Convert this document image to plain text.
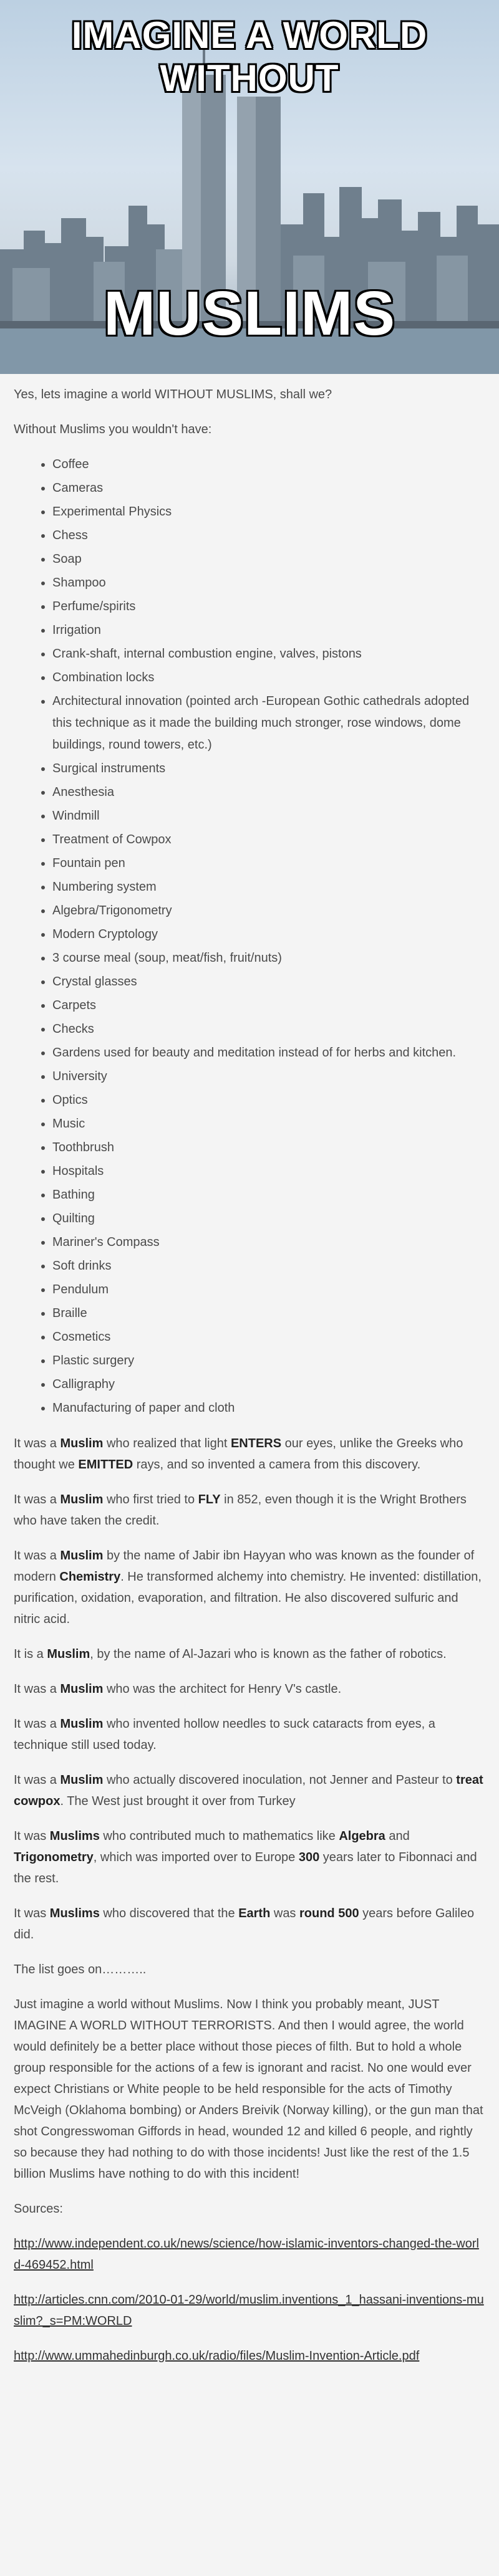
IMAGINE A WORLD WITHOUT
MUSLIMS

Yes, lets imagine a world WITHOUT MUSLIMS, shall we?

Without Muslims you wouldn't have:

• Coffee
• Cameras
• Experimental Physics
• Chess
• Soap
• Shampoo
• Perfume/spirits
• Irrigation
• Crank-shaft, internal combustion engine, valves, pistons
• Combination locks
• Architectural innovation (pointed arch -European Gothic cathedrals adopted this technique as it made the building much stronger, rose windows, dome buildings, round towers, etc.)
• Surgical instruments
• Anesthesia
• Windmill
• Treatment of Cowpox
• Fountain pen
• Numbering system
• Algebra/Trigonometry
• Modern Cryptology
• 3 course meal (soup, meat/fish, fruit/nuts)
• Crystal glasses
• Carpets
• Checks
• Gardens used for beauty and meditation instead of for herbs and kitchen.
• University
• Optics
• Music
• Toothbrush
• Hospitals
• Bathing
• Quilting
• Mariner's Compass
• Soft drinks
• Pendulum
• Braille
• Cosmetics
• Plastic surgery
• Calligraphy
• Manufacturing of paper and cloth

It was a Muslim who realized that light ENTERS our eyes, unlike the Greeks who thought we EMITTED rays, and so invented a camera from this discovery.

It was a Muslim who first tried to FLY in 852, even though it is the Wright Brothers who have taken the credit.

It was a Muslim by the name of Jabir ibn Hayyan who was known as the founder of modern Chemistry. He transformed alchemy into chemistry. He invented: distillation, purification, oxidation, evaporation, and filtration. He also discovered sulfuric and nitric acid.

It is a Muslim, by the name of Al-Jazari who is known as the father of robotics.

It was a Muslim who was the architect for Henry V's castle.

It was a Muslim who invented hollow needles to suck cataracts from eyes, a technique still used today.

It was a Muslim who actually discovered inoculation, not Jenner and Pasteur to treat cowpox. The West just brought it over from Turkey

It was Muslims who contributed much to mathematics like Algebra and Trigonometry, which was imported over to Europe 300 years later to Fibonnaci and the rest.

It was Muslims who discovered that the Earth was round 500 years before Galileo did.

The list goes on………..

Just imagine a world without Muslims. Now I think you probably meant, JUST IMAGINE A WORLD WITHOUT TERRORISTS. And then I would agree, the world would definitely be a better place without those pieces of filth. But to hold a whole group responsible for the actions of a few is ignorant and racist. No one would ever expect Christians or White people to be held responsible for the acts of Timothy McVeigh (Oklahoma bombing) or Anders Breivik (Norway killing), or the gun man that shot Congresswoman Giffords in head, wounded 12 and killed 6 people, and rightly so because they had nothing to do with those incidents! Just like the rest of the 1.5 billion Muslims have nothing to do with this incident!

Sources:

http://www.independent.co.uk/news/science/how-islamic-inventors-changed-the-world-469452.html

http://articles.cnn.com/2010-01-29/world/muslim.inventions_1_hassani-inventions-muslim?_s=PM:WORLD

http://www.ummahedinburgh.co.uk/radio/files/Muslim-Invention-Article.pdf
